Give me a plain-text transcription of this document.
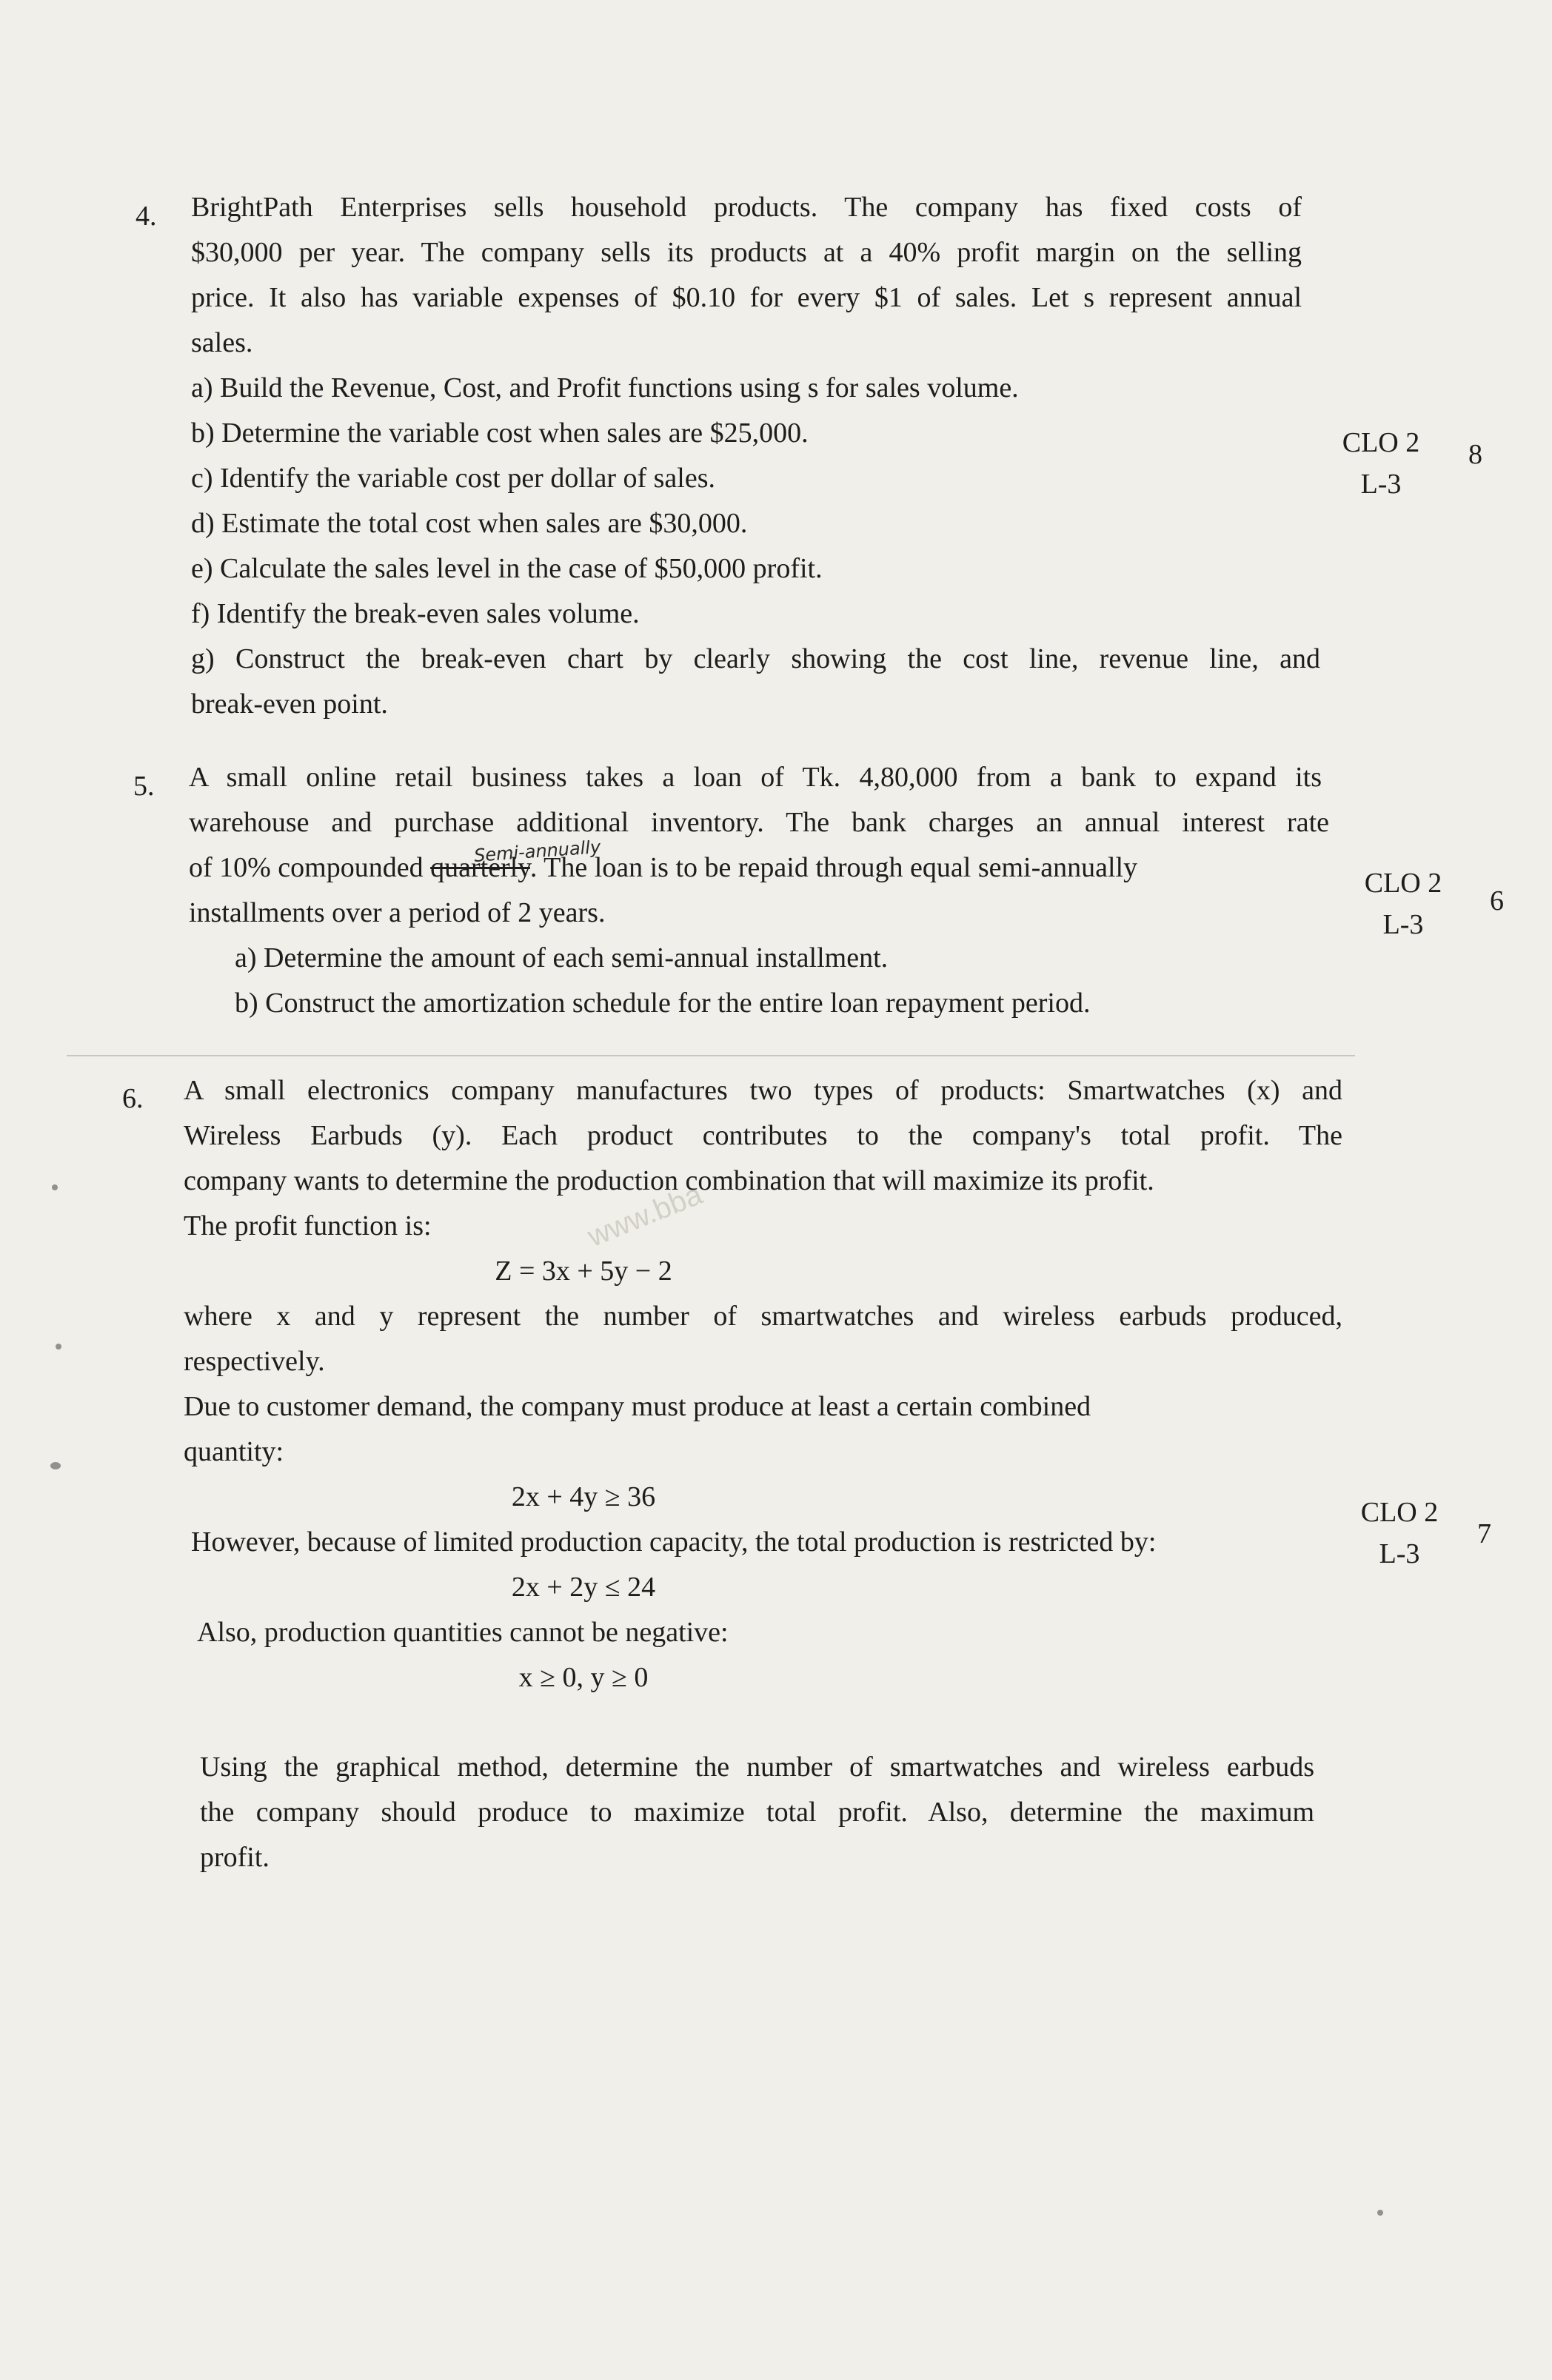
4. BrightPath Enterprises sells household products. The company has fixed costs of
$30,000 per year. The company sells its products at a 40% profit margin on the selling
price. It also has variable expenses of $0.10 for every $1 of sales. Let s represent annual
sales.
a) Build the Revenue, Cost, and Profit functions using s for sales volume.
b) Determine the variable cost when sales are $25,000.
c) Identify the variable cost per dollar of sales.
d) Estimate the total cost when sales are $30,000.
e) Calculate the sales level in the case of $50,000 profit.
f) Identify the break-even sales volume.
g) Construct the break-even chart by clearly showing the cost line, revenue line, and
break-even point.
CLO 2
L-3
8
5. A small online retail business takes a loan of Tk. 4,80,000 from a bank to expand its
warehouse and purchase additional inventory. The bank charges an annual interest rate
of 10% compounded quarterly. The loan is to be repaid through equal semi-annually
Semi-annually
installments over a period of 2 years.
a) Determine the amount of each semi-annual installment.
b) Construct the amortization schedule for the entire loan repayment period.
CLO 2
L-3
6
www.bba
6. A small electronics company manufactures two types of products: Smartwatches (x) and
Wireless Earbuds (y). Each product contributes to the company's total profit. The
company wants to determine the production combination that will maximize its profit.
The profit function is:
Z = 3x + 5y − 2
where x and y represent the number of smartwatches and wireless earbuds produced,
respectively.
Due to customer demand, the company must produce at least a certain combined
quantity:
2x + 4y ≥ 36
However, because of limited production capacity, the total production is restricted by:
2x + 2y ≤ 24
Also, production quantities cannot be negative:
x ≥ 0, y ≥ 0
Using the graphical method, determine the number of smartwatches and wireless earbuds
the company should produce to maximize total profit. Also, determine the maximum
profit.
CLO 2
L-3
7
